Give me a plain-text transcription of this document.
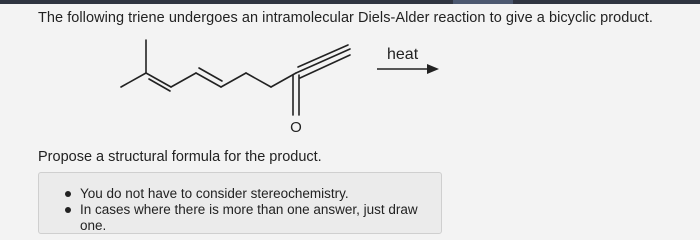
The following triene undergoes an intramolecular Diels-Alder reaction to give a bicyclic product.
O
heat
Propose a structural formula for the product.
You do not have to consider stereochemistry.
In cases where there is more than one answer, just draw one.
